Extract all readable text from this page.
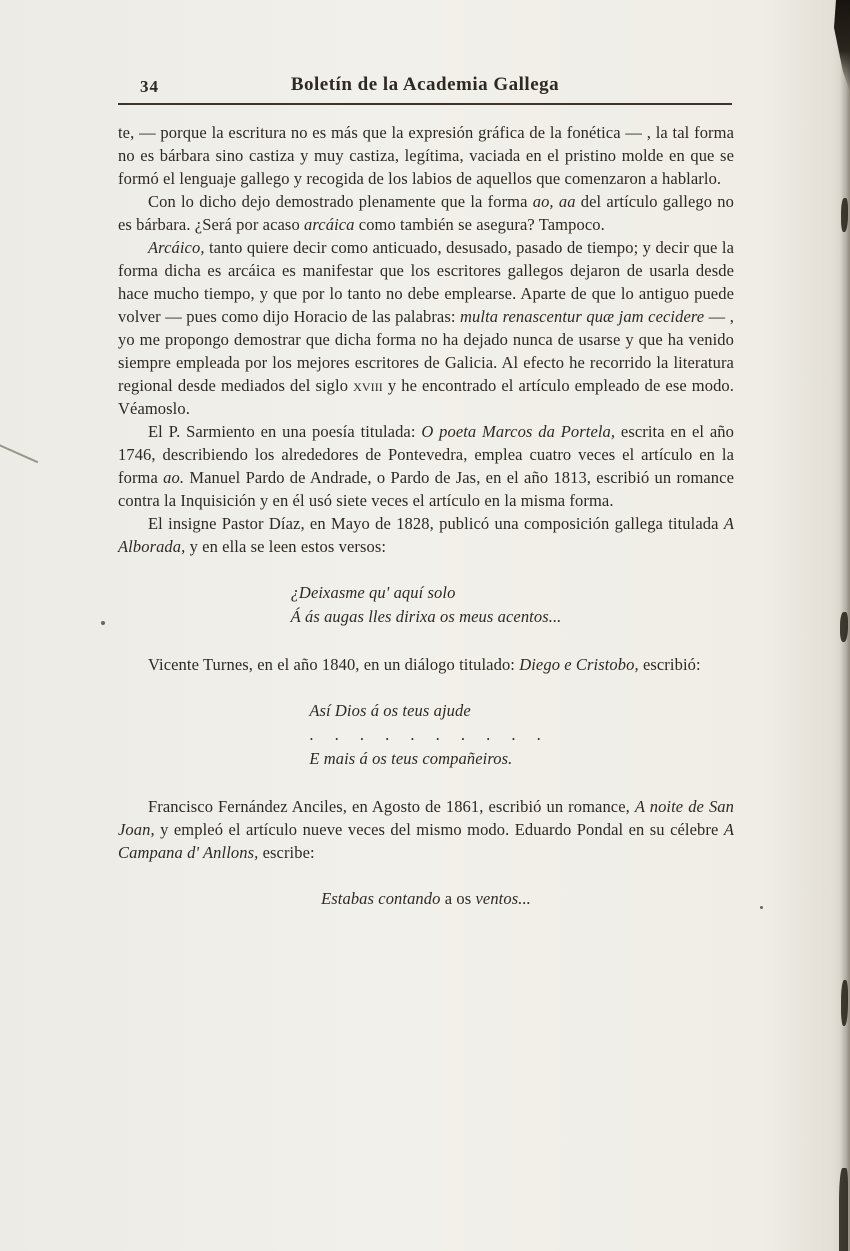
34	Boletín de la Academia Gallega

te, — porque la escritura no es más que la expresión gráfica de la fonética — , la tal forma no es bárbara sino castiza y muy castiza, legítima, vaciada en el pristino molde en que se formó el lenguaje gallego y recogida de los labios de aquellos que comenzaron a hablarlo.

Con lo dicho dejo demostrado plenamente que la forma ao, aa del artículo gallego no es bárbara. ¿Será por acaso arcáica como también se asegura? Tampoco.

Arcáico, tanto quiere decir como anticuado, desusado, pasado de tiempo; y decir que la forma dicha es arcáica es manifestar que los escritores gallegos dejaron de usarla desde hace mucho tiempo, y que por lo tanto no debe emplearse. Aparte de que lo antiguo puede volver — pues como dijo Horacio de las palabras: multa renascentur quæ jam cecidere — , yo me propongo demostrar que dicha forma no ha dejado nunca de usarse y que ha venido siempre empleada por los mejores escritores de Galicia. Al efecto he recorrido la literatura regional desde mediados del siglo xviii y he encontrado el artículo empleado de ese modo. Véamoslo.

El P. Sarmiento en una poesía titulada: O poeta Marcos da Portela, escrita en el año 1746, describiendo los alrededores de Pontevedra, emplea cuatro veces el artículo en la forma ao. Manuel Pardo de Andrade, o Pardo de Jas, en el año 1813, escribió un romance contra la Inquisición y en él usó siete veces el artículo en la misma forma.

El insigne Pastor Díaz, en Mayo de 1828, publicó una composición gallega titulada A Alborada, y en ella se leen estos versos:

¿Deixasme qu' aquí solo
Á ás augas lles dirixa os meus acentos...

Vicente Turnes, en el año 1840, en un diálogo titulado: Diego e Cristobo, escribió:

Así Dios á os teus ajude
. . . . . . . . . .
E mais á os teus compañeiros.

Francisco Fernández Anciles, en Agosto de 1861, escribió un romance, A noite de San Joan, y empleó el artículo nueve veces del mismo modo. Eduardo Pondal en su célebre A Campana d' Anllons, escribe:

Estabas contando a os ventos...
